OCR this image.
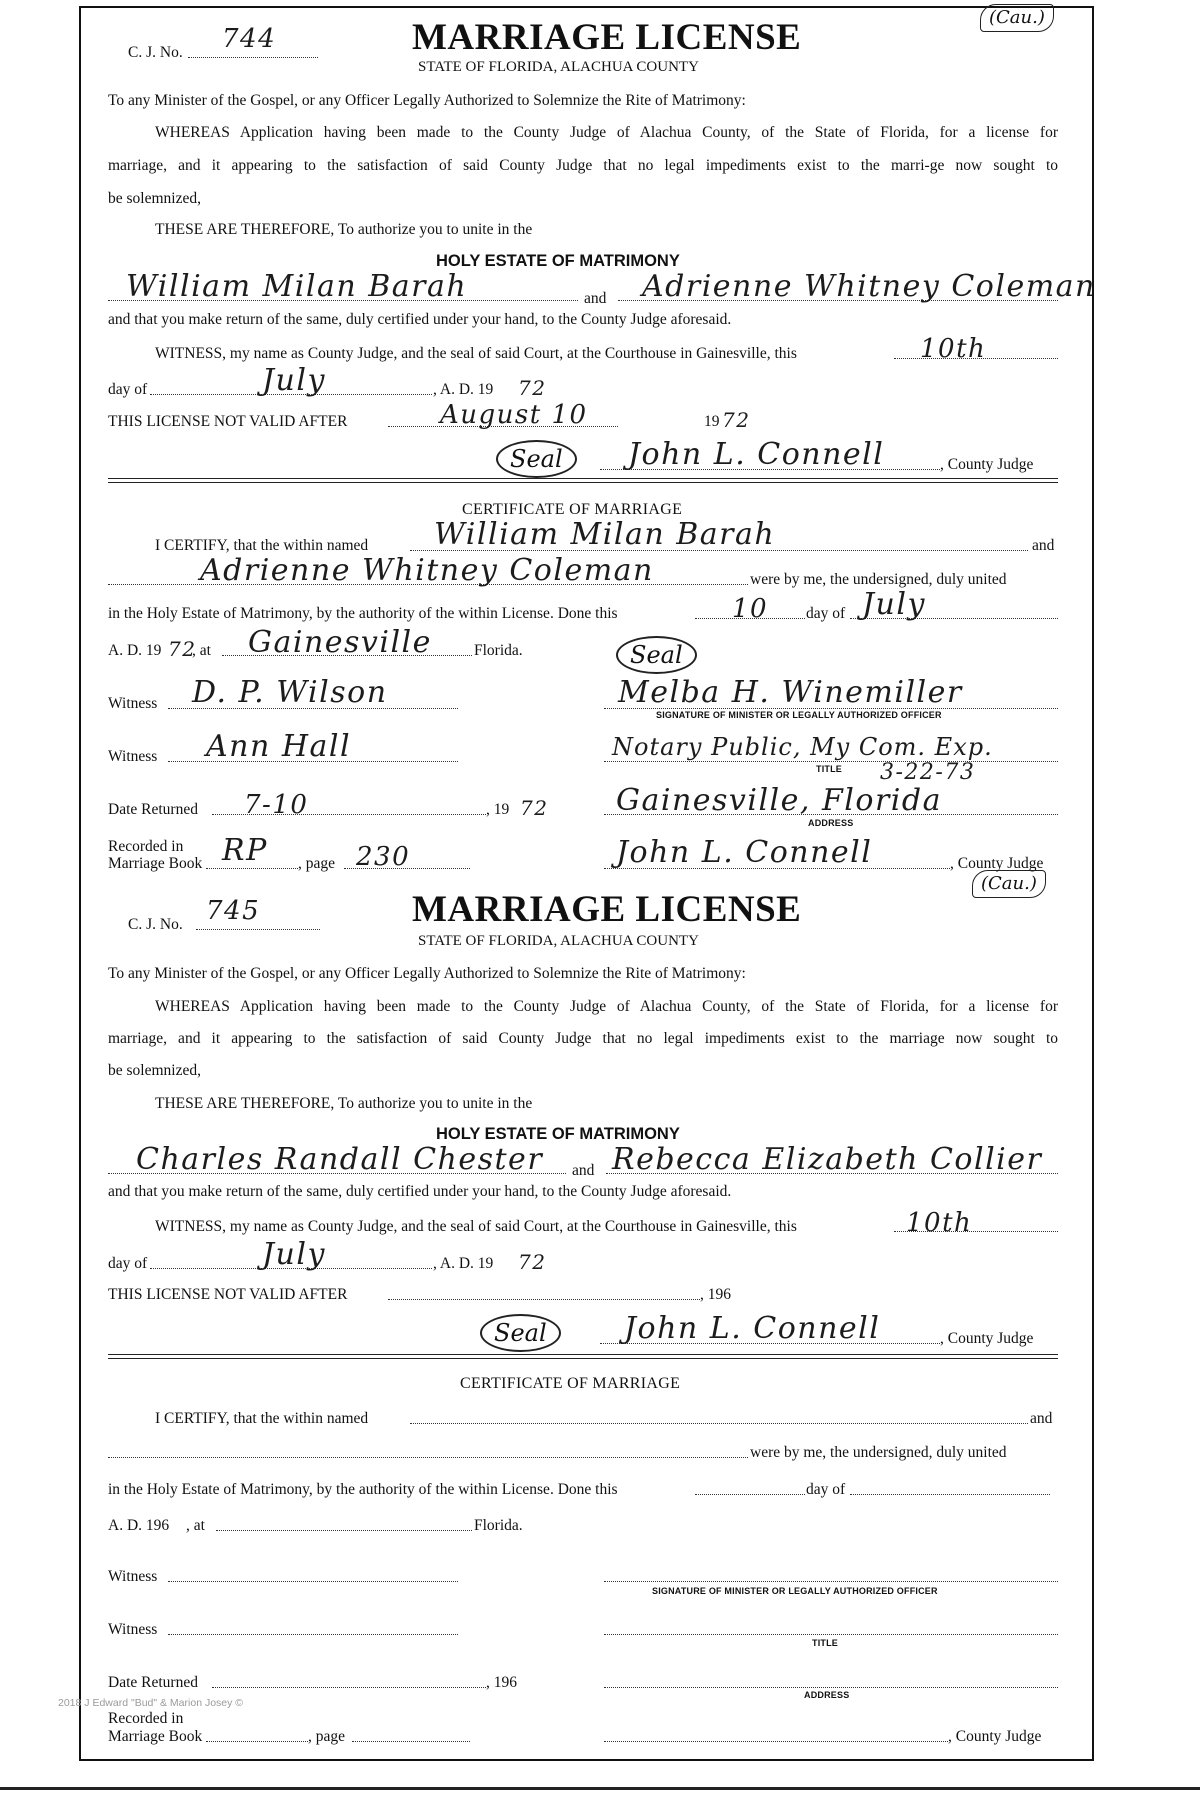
C. J. No. 744
(Cau.)
MARRIAGE LICENSE
STATE OF FLORIDA, ALACHUA COUNTY
To any Minister of the Gospel, or any Officer Legally Authorized to Solemnize the Rite of Matrimony:
WHEREAS Application having been made to the County Judge of Alachua County, of the State of Florida, for a license for
marriage, and it appearing to the satisfaction of said County Judge that no legal impediments exist to the marri-ge now sought to
be solemnized,
THESE ARE THEREFORE, To authorize you to unite in the
HOLY ESTATE OF MATRIMONY
William Milan Barah	and Adrienne Whitney Coleman
and that you make return of the same, duly certified under your hand, to the County Judge aforesaid.
WITNESS, my name as County Judge, and the seal of said Court, at the Courthouse in Gainesville, this	10th
day of	July	, A. D. 19 72
THIS LICENSE NOT VALID AFTER	August 10	19 72
Seal	John L. Connell	, County Judge
CERTIFICATE OF MARRIAGE
I CERTIFY, that the within named William Milan Barah	and
Adrienne Whitney Coleman	were by me, the undersigned, duly united
in the Holy Estate of Matrimony, by the authority of the within License. Done this	10 day of July
A. D. 19 72
, at Gainesville	Florida.	Seal
Witness D. P. Wilson	Melba H. Winemiller
SIGNATURE OF MINISTER OR LEGALLY AUTHORIZED OFFICER
Witness Ann Hall	Notary Public, My Com. Exp.
TITLE 3-22-73
Date Returned 7-10	, 19 72 Gainesville, Florida
ADDRESS
Recorded in
Marriage Book RP , page 230	John L. Connell	, County Judge
(Cau.)
C. J. No. 745	MARRIAGE LICENSE
STATE OF FLORIDA, ALACHUA COUNTY
To any Minister of the Gospel, or any Officer Legally Authorized to Solemnize the Rite of Matrimony:
WHEREAS Application having been made to the County Judge of Alachua County, of the State of Florida, for a license for
marriage, and it appearing to the satisfaction of said County Judge that no legal impediments exist to the marriage now sought to
be solemnized,
THESE ARE THEREFORE, To authorize you to unite in the
HOLY ESTATE OF MATRIMONY
Charles Randall Chester and Rebecca Elizabeth Collier
and that you make return of the same, duly certified under your hand, to the County Judge aforesaid.
WITNESS, my name as County Judge, and the seal of said Court, at the Courthouse in Gainesville, this	10th
day of	July	, A. D. 19 72
THIS LICENSE NOT VALID AFTER	, 196
Seal	John L. Connell	, County Judge
CERTIFICATE OF MARRIAGE
I CERTIFY, that the within named	and
were by me, the undersigned, duly united
in the Holy Estate of Matrimony, by the authority of the within License. Done this	day of
A. D. 196 , at	Florida.
Witness
SIGNATURE OF MINISTER OR LEGALLY AUTHORIZED OFFICER
Witness
TITLE
Date Returned	, 196
ADDRESS
Recorded in
Marriage Book	, page	, County Judge
2018 J Edward "Bud" & Marion Josey ©
